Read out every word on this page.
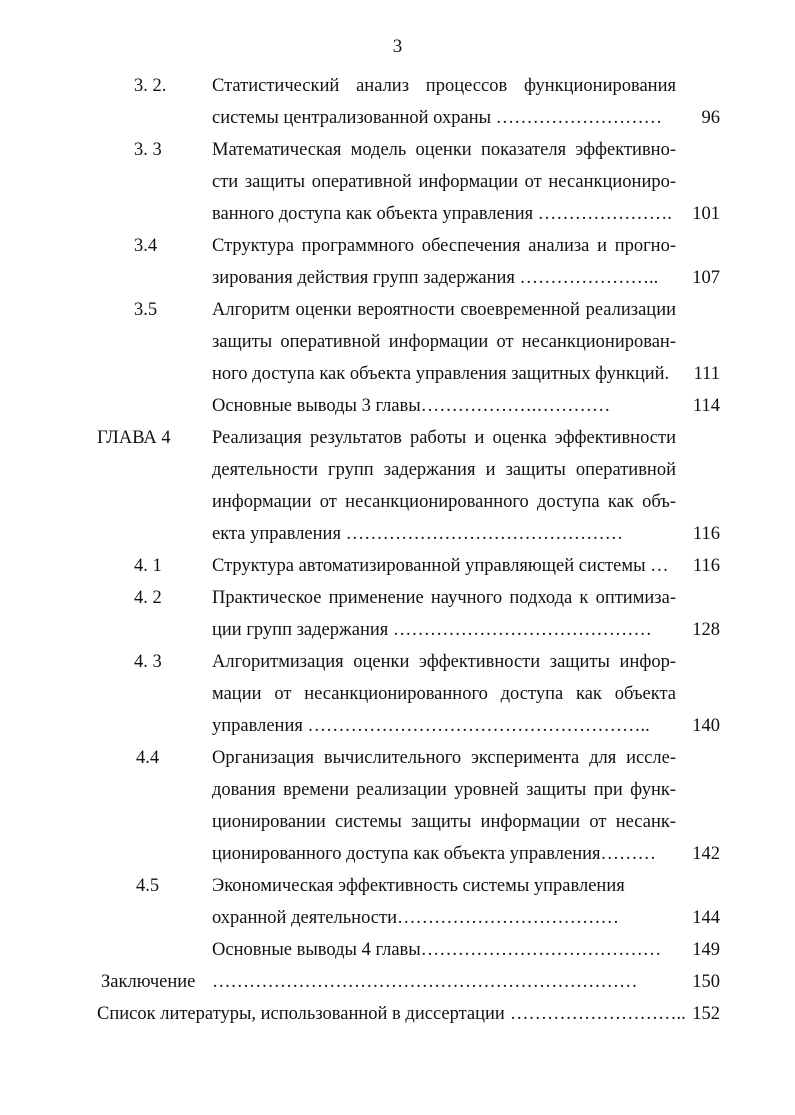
3
3. 2. Статистический анализ процессов функционирования
системы централизованной охраны ………………………	96
3. 3	Математическая модель оценки показателя эффективно-
сти защиты оперативной информации от несанкциониро-
ванного доступа как объекта управления ………………….	101
3.4	Структура программного обеспечения анализа и прогно-
зирования действия групп задержания …………………..	107
3.5	Алгоритм оценки вероятности своевременной реализации
защиты оперативной информации от несанкционирован-
ного доступа как объекта управления защитных функций.	111
Основные выводы 3 главы……………….…………	114
ГЛАВА 4 Реализация результатов работы и оценка эффективности
деятельности групп задержания и защиты оперативной
информации от несанкционированного доступа как объ-
екта управления ………………………………………	116
4. 1	Структура автоматизированной управляющей системы …	116
4. 2	Практическое применение научного подхода к оптимиза-
ции групп задержания ……………………………………	128
4. 3	Алгоритмизация оценки эффективности защиты инфор-
мации от несанкционированного доступа как объекта
управления ………………………………………………..	140
4.4	Организация вычислительного эксперимента для иссле-
дования времени реализации уровней защиты при функ-
ционировании системы защиты информации от несанк-
ционированного доступа как объекта управления………	142
4.5	Экономическая эффективность системы управления
охранной деятельности………………………………	144
Основные выводы 4 главы…………………………………	149
Заключение ……………………………………………………………	150
Список литературы, использованной в диссертации ……………………….. 152
